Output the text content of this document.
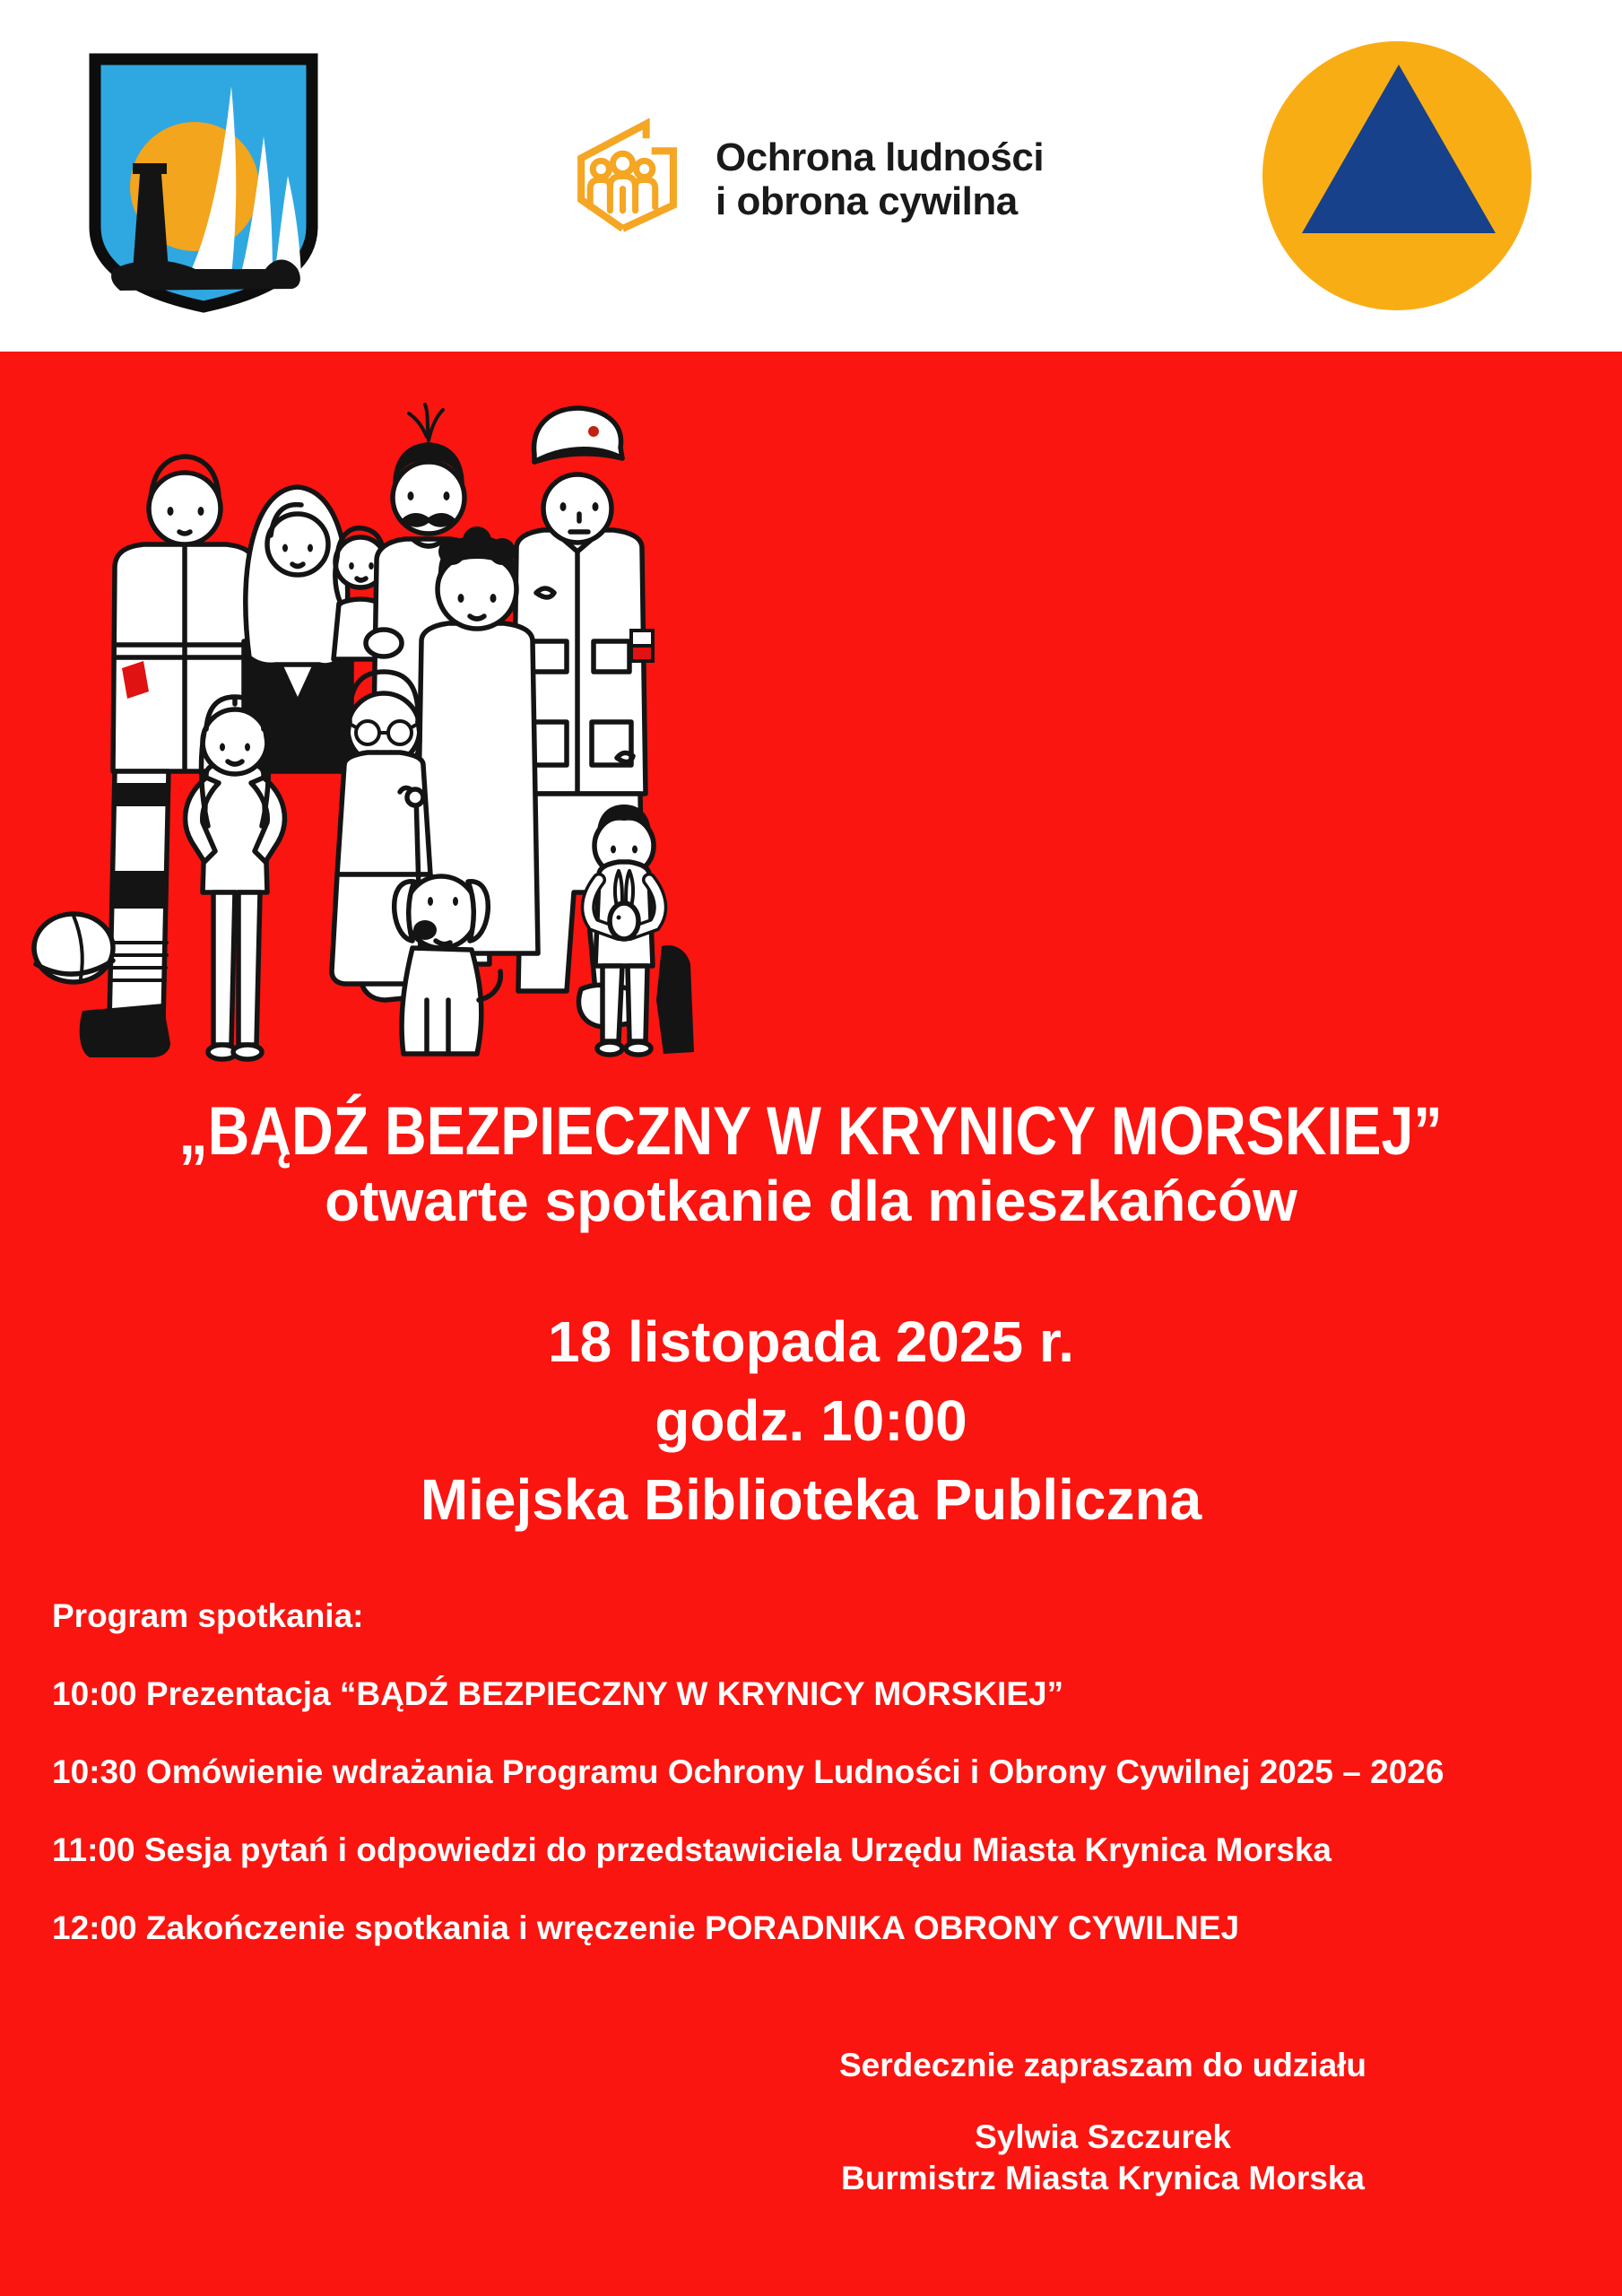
Ochrona ludności
i obrona cywilna
„BĄDŹ BEZPIECZNY W KRYNICY MORSKIEJ”
otwarte spotkanie dla mieszkańców
18 listopada 2025 r.
godz. 10:00
Miejska Biblioteka Publiczna
Program spotkania:
10:00 Prezentacja “BĄDŹ BEZPIECZNY W KRYNICY MORSKIEJ”
10:30 Omówienie wdrażania Programu Ochrony Ludności i Obrony Cywilnej 2025 – 2026
11:00 Sesja pytań i odpowiedzi do przedstawiciela Urzędu Miasta Krynica Morska
12:00 Zakończenie spotkania i wręczenie PORADNIKA OBRONY CYWILNEJ
Serdecznie zapraszam do udziału
Sylwia Szczurek
Burmistrz Miasta Krynica Morska
